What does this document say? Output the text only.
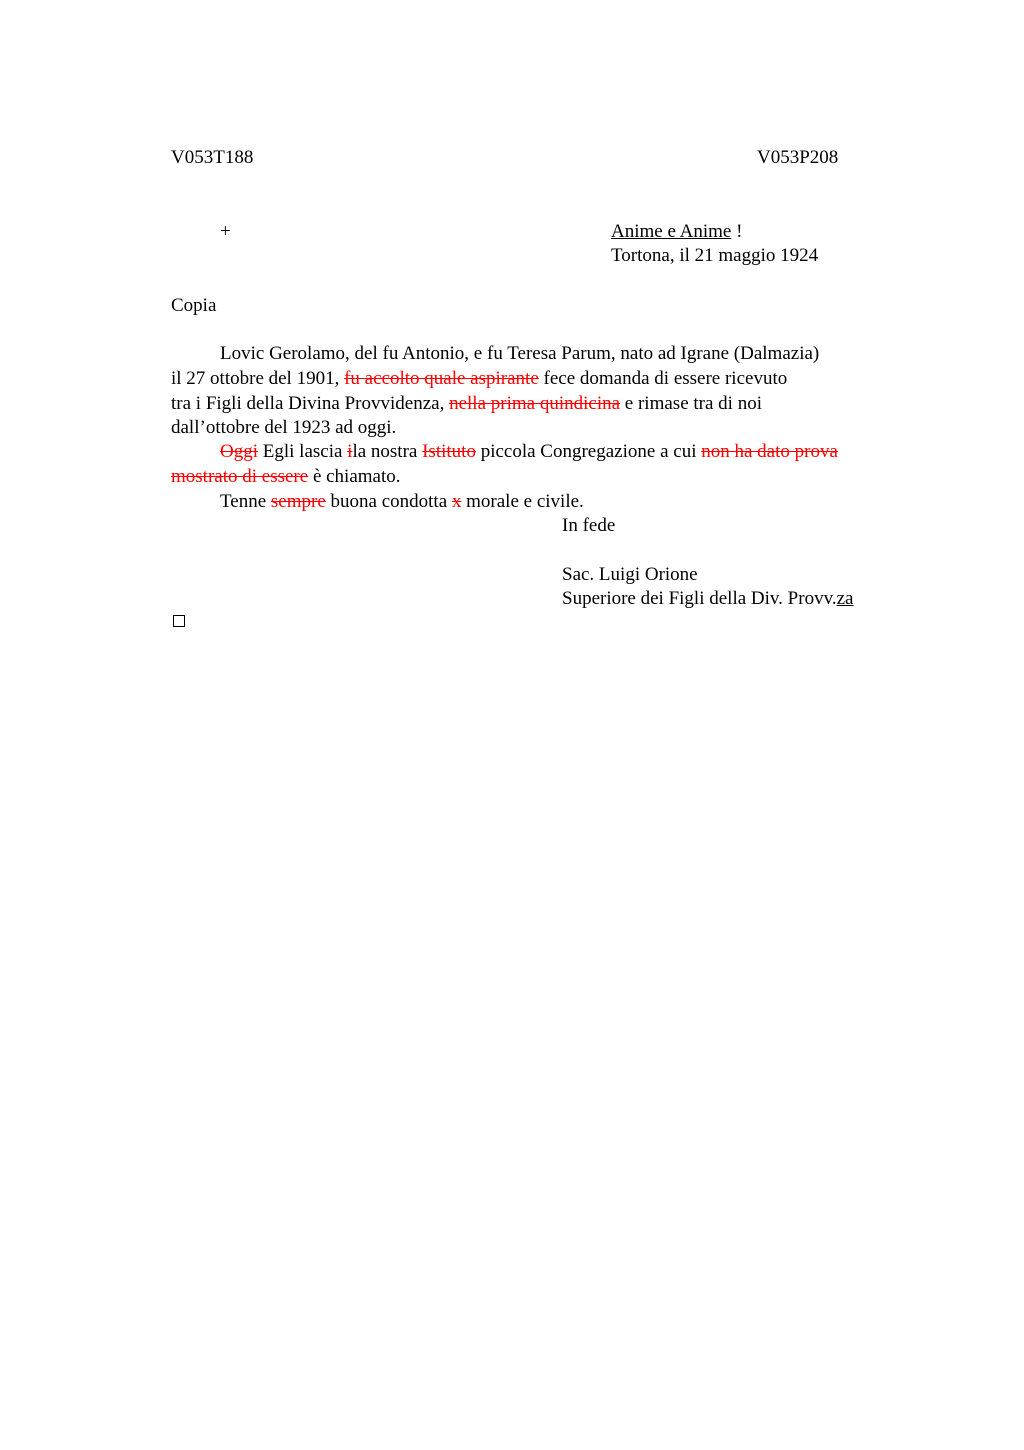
V053T188	V053P208
+	Anime e Anime !
Tortona, il 21 maggio 1924
Copia
Lovic Gerolamo, del fu Antonio, e fu Teresa Parum, nato ad Igrane (Dalmazia)
il 27 ottobre del 1901, fu accolto quale aspirante fece domanda di essere ricevuto
tra i Figli della Divina Provvidenza, nella prima quindicina e rimase tra di noi
dall’ottobre del 1923 ad oggi.
Oggi Egli lascia ila nostra Istituto piccola Congregazione a cui non ha dato prova
mostrato di essere è chiamato.
Tenne sempre buona condotta x morale e civile.
In fede
Sac. Luigi Orione
Superiore dei Figli della Div. Provv.za
